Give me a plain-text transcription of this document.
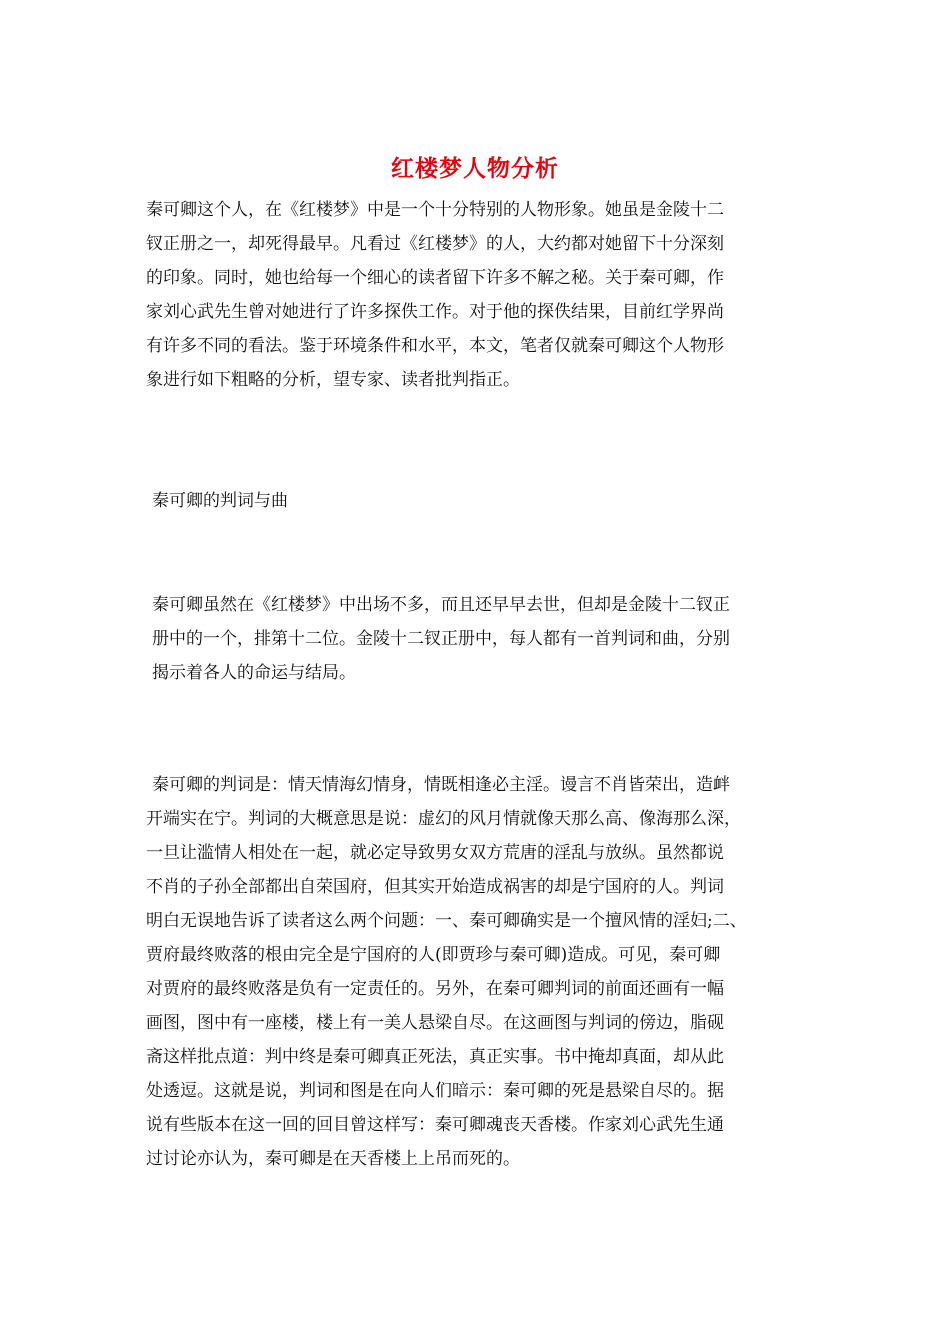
红楼梦人物分析
秦可卿这个人，在《红楼梦》中是一个十分特别的人物形象。她虽是金陵十二
钗正册之一，却死得最早。凡看过《红楼梦》的人，大约都对她留下十分深刻
的印象。同时，她也给每一个细心的读者留下许多不解之秘。关于秦可卿，作
家刘心武先生曾对她进行了许多探佚工作。对于他的探佚结果，目前红学界尚
有许多不同的看法。鉴于环境条件和水平，本文，笔者仅就秦可卿这个人物形
象进行如下粗略的分析，望专家、读者批判指正。
秦可卿的判词与曲
秦可卿虽然在《红楼梦》中出场不多，而且还早早去世，但却是金陵十二钗正
册中的一个，排第十二位。金陵十二钗正册中，每人都有一首判词和曲，分别
揭示着各人的命运与结局。
秦可卿的判词是：情天情海幻情身，情既相逢必主淫。谩言不肖皆荣出，造衅
开端实在宁。判词的大概意思是说：虚幻的风月情就像天那么高、像海那么深，
一旦让滥情人相处在一起，就必定导致男女双方荒唐的淫乱与放纵。虽然都说
不肖的子孙全部都出自荣国府，但其实开始造成祸害的却是宁国府的人。判词
明白无误地告诉了读者这么两个问题：一、秦可卿确实是一个擅风情的淫妇;二、
贾府最终败落的根由完全是宁国府的人(即贾珍与秦可卿)造成。可见，秦可卿
对贾府的最终败落是负有一定责任的。另外，在秦可卿判词的前面还画有一幅
画图，图中有一座楼，楼上有一美人悬梁自尽。在这画图与判词的傍边，脂砚
斋这样批点道：判中终是秦可卿真正死法，真正实事。书中掩却真面，却从此
处透逗。这就是说，判词和图是在向人们暗示：秦可卿的死是悬梁自尽的。据
说有些版本在这一回的回目曾这样写：秦可卿魂丧天香楼。作家刘心武先生通
过讨论亦认为，秦可卿是在天香楼上上吊而死的。
